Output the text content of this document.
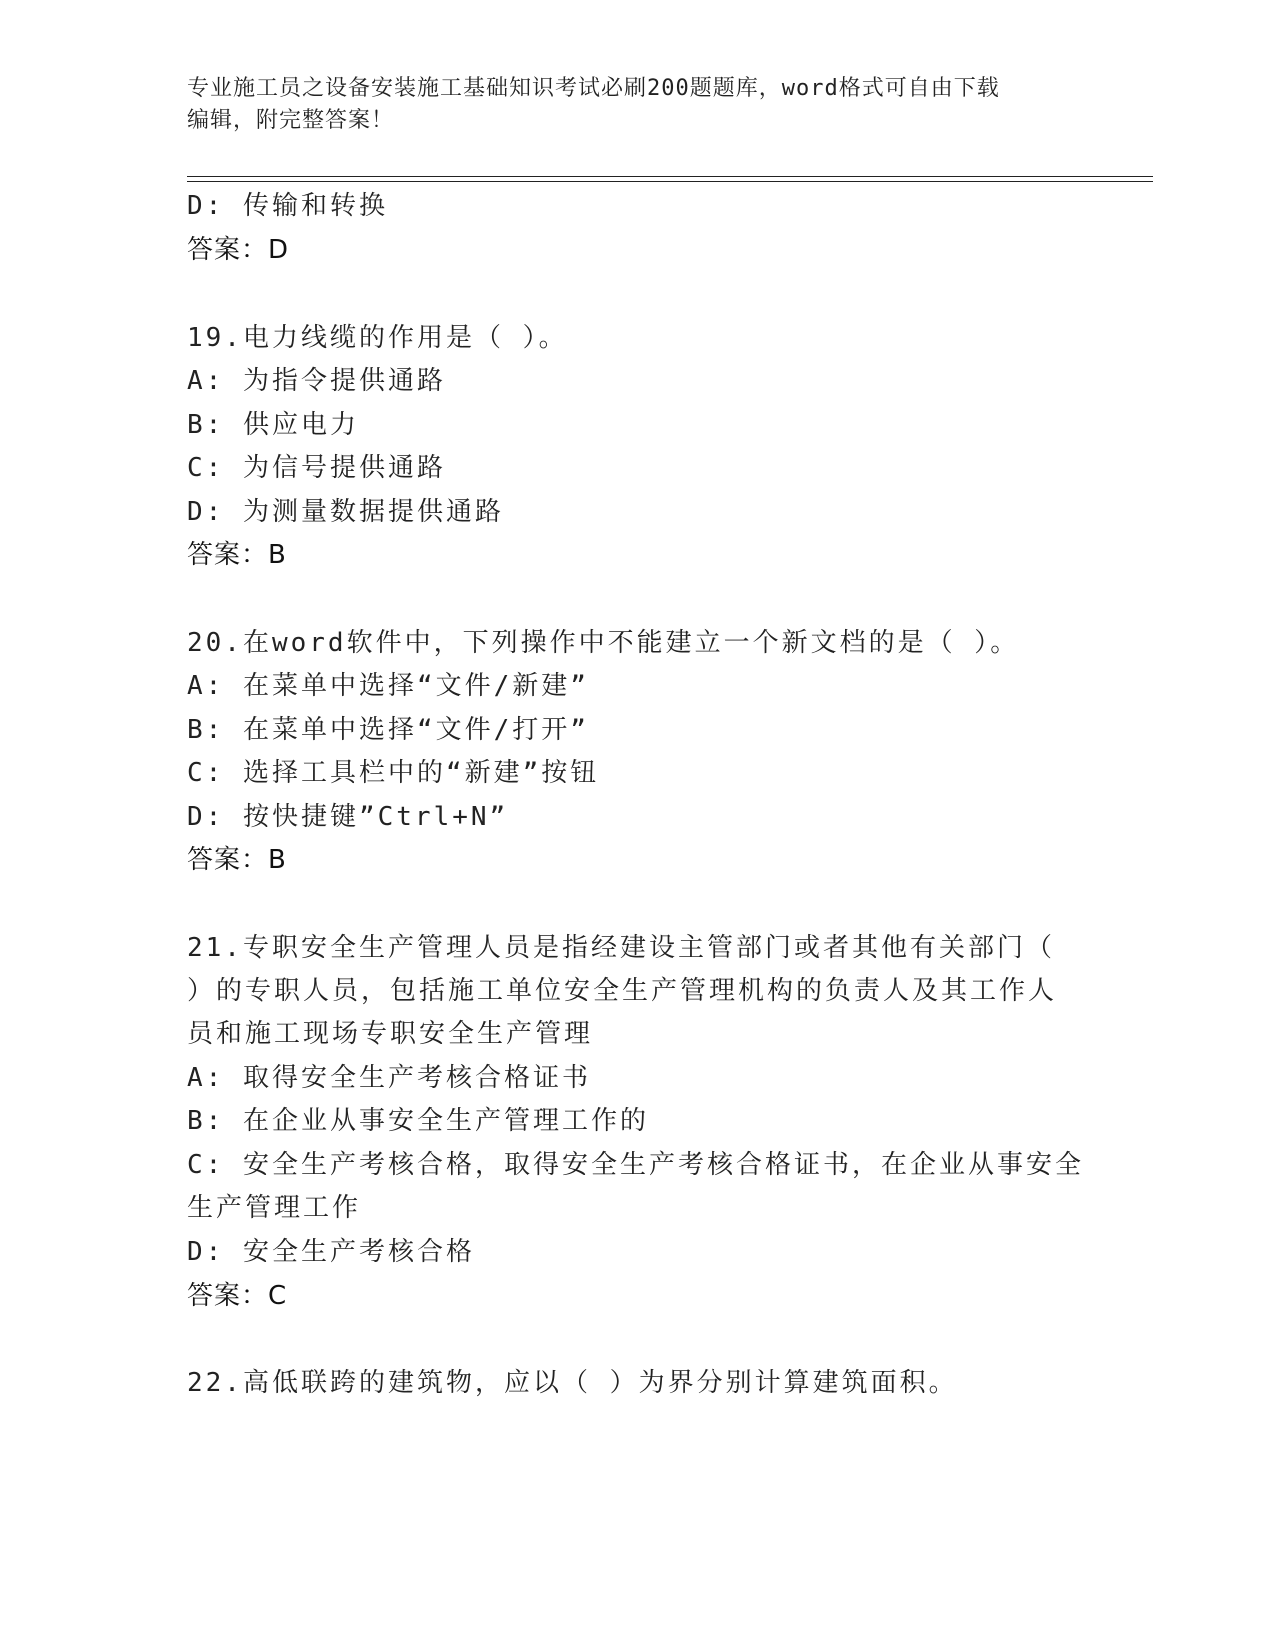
专业施工员之设备安装施工基础知识考试必刷200题题库，word格式可自由下载
编辑，附完整答案！
D: 传输和转换
答案：D
19.电力线缆的作用是（ ）。
A: 为指令提供通路
B: 供应电力
C: 为信号提供通路
D: 为测量数据提供通路
答案：B
20.在word软件中，下列操作中不能建立一个新文档的是（ ）。
A: 在菜单中选择“文件/新建”
B: 在菜单中选择“文件/打开”
C: 选择工具栏中的“新建”按钮
D: 按快捷键”Ctrl+N”
答案：B
21.专职安全生产管理人员是指经建设主管部门或者其他有关部门（
）的专职人员，包括施工单位安全生产管理机构的负责人及其工作人
员和施工现场专职安全生产管理
A: 取得安全生产考核合格证书
B: 在企业从事安全生产管理工作的
C: 安全生产考核合格，取得安全生产考核合格证书，在企业从事安全
生产管理工作
D: 安全生产考核合格
答案：C
22.高低联跨的建筑物，应以（ ）为界分别计算建筑面积。
